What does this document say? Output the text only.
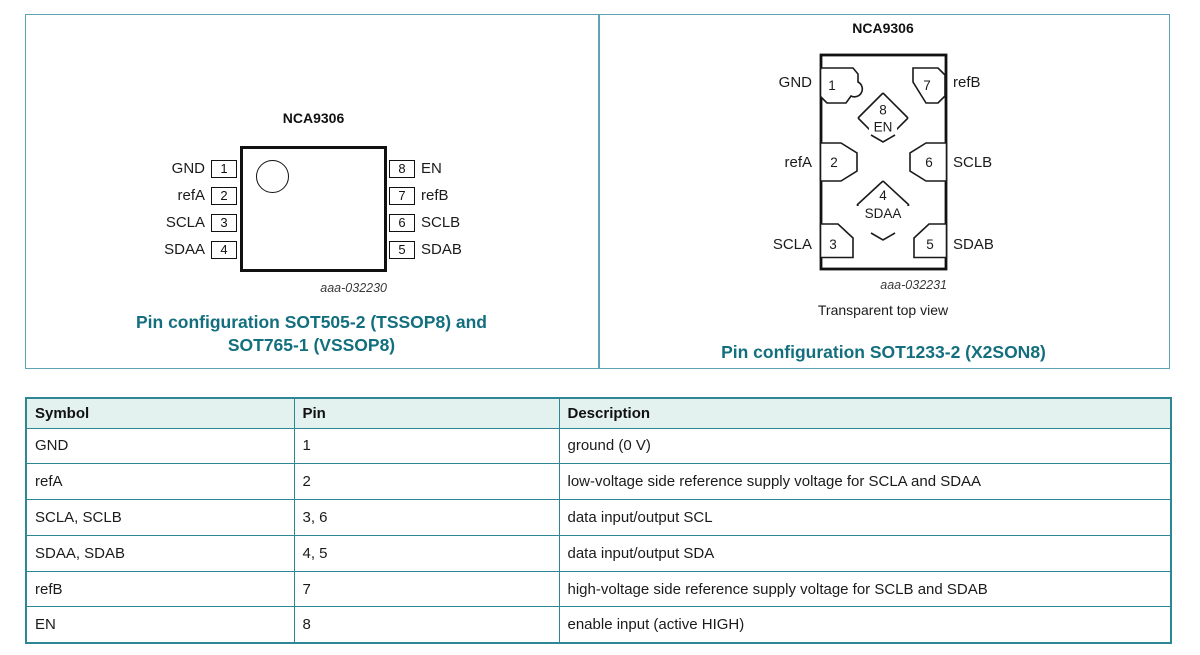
NCA9306
GND	1
refA	2
SCLA	3
SDAA	4
8	EN
7	refB
6	SCLB
5	SDAB
aaa-032230
Pin configuration SOT505-2 (TSSOP8) and
SOT765-1 (VSSOP8)
NCA9306
1	7
2	6
3	5
GND	refB
refA	SCLB
SCLA	SDAB
8
EN
4
SDAA
aaa-032231
Transparent top view
Pin configuration SOT1233-2 (X2SON8)
Symbol	Pin	Description
GND	1	ground (0 V)
refA	2	low-voltage side reference supply voltage for SCLA and SDAA
SCLA, SCLB	3, 6	data input/output SCL
SDAA, SDAB	4, 5	data input/output SDA
refB	7	high-voltage side reference supply voltage for SCLB and SDAB
EN	8	enable input (active HIGH)
